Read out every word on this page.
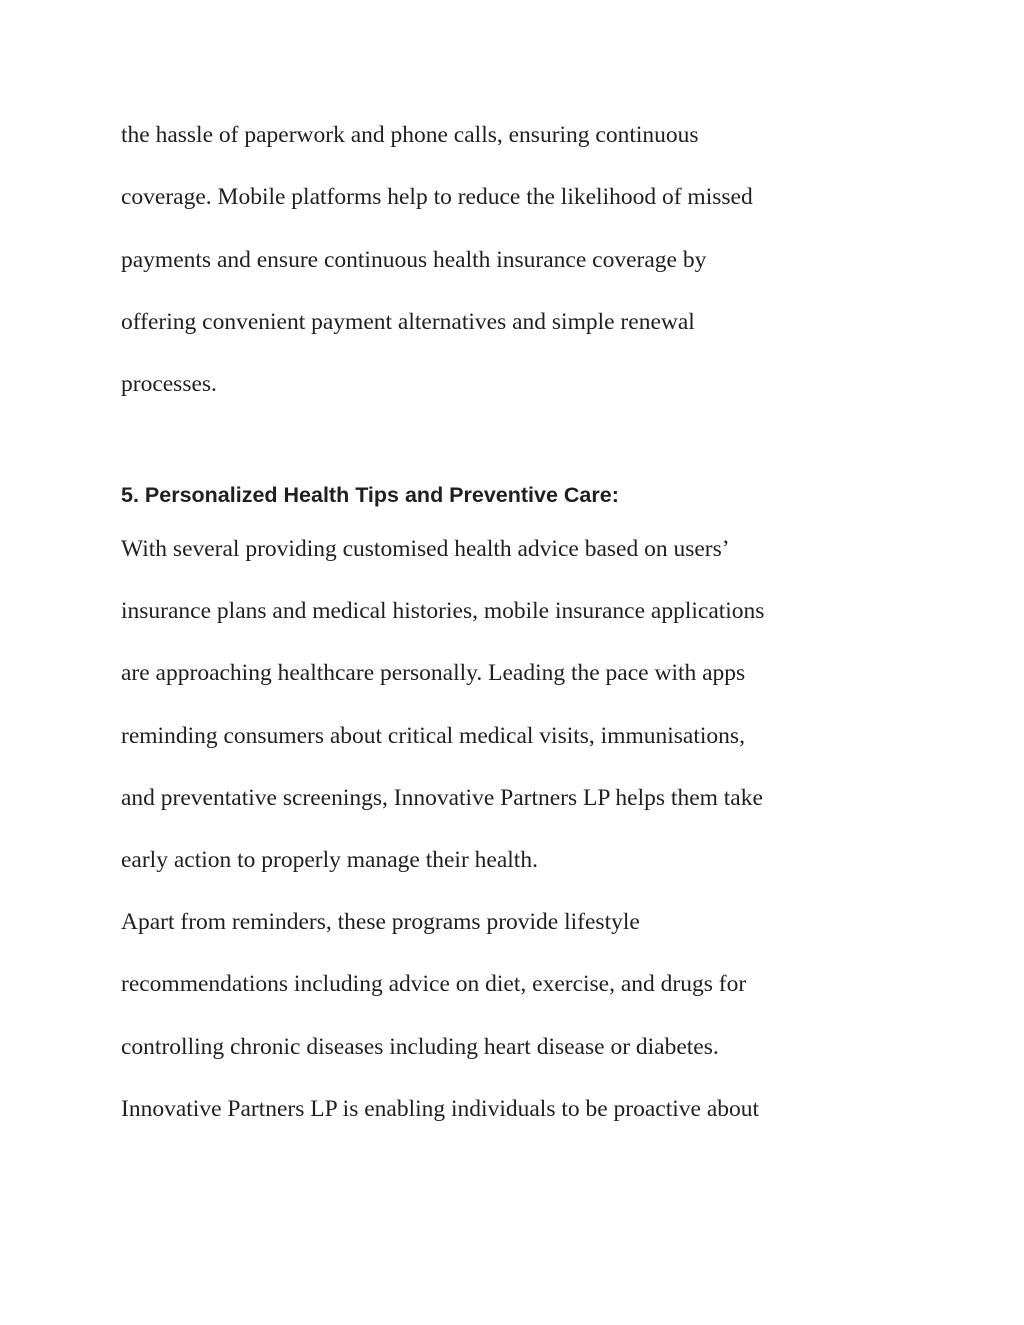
the hassle of paperwork and phone calls, ensuring continuous
coverage. Mobile platforms help to reduce the likelihood of missed
payments and ensure continuous health insurance coverage by
offering convenient payment alternatives and simple renewal
processes.
5. Personalized Health Tips and Preventive Care:
With several providing customised health advice based on users’
insurance plans and medical histories, mobile insurance applications
are approaching healthcare personally. Leading the pace with apps
reminding consumers about critical medical visits, immunisations,
and preventative screenings, Innovative Partners LP helps them take
early action to properly manage their health.
Apart from reminders, these programs provide lifestyle
recommendations including advice on diet, exercise, and drugs for
controlling chronic diseases including heart disease or diabetes.
Innovative Partners LP is enabling individuals to be proactive about
